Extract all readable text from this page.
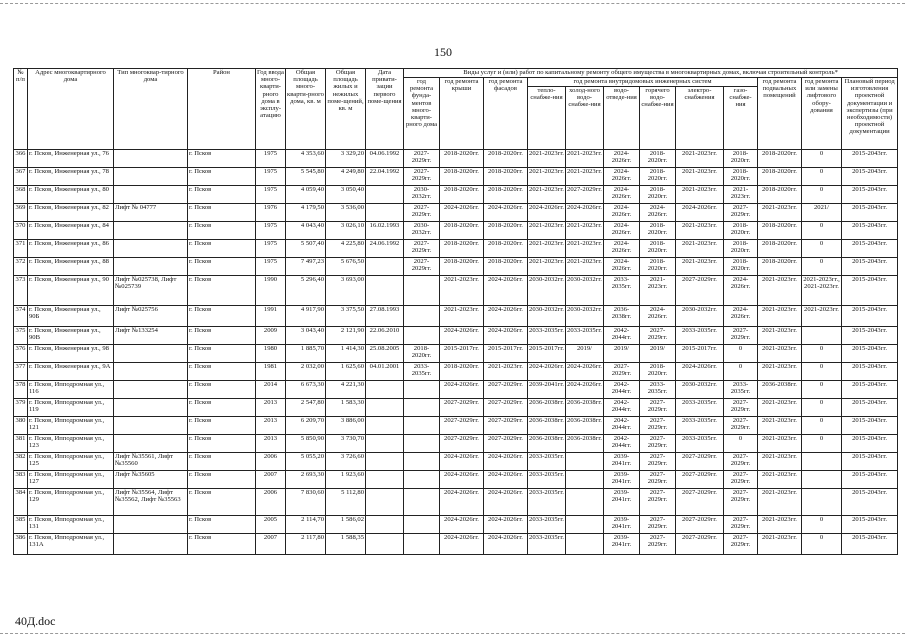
150
№ п/п	Адрес многоквартирного дома	Тип многоквар-тирного дома	Район	Год ввода много-кварти-рного дома в эксплу-атацию	Общая площадь много-кварти-рного дома, кв. м	Общая площадь жилых и нежилых поме-щений, кв. м	Дата привати-зации первого поме-щения	Виды услуг и (или) работ по капитальному ремонту общего имущества в многоквартирных домах, включая строительный контроль*											
								год ремонта фунда-ментов много-кварти-рного дома	год ремонта крыши	год ремонта фасадов	год ремонта внутридомовых инженерных систем						год ремонта подвальных помещений	год ремонта или замены лифтового обору-дования	Плановый период изготовления проектной документации и экспертизы (при необходимости) проектной документации
											тепло-снабже-ния	холод-ного водо-снабже-ния	водо-отведе-ния	горячего водо-снабже-ния	электро-снабжения	газо-снабже-ния			
366	г. Псков, Инженерная ул., 76		г. Псков	1975	4 353,60	3 329,20	04.06.1992	2027-2029гг.	2018-2020гг.	2018-2020гг.	2021-2023гг.	2021-2023гг.	2024-2026гг.	2018-2020гг.	2021-2023гг.	2018-2020гг.	2018-2020гг.	0	2015-2043гг.
367	г. Псков, Инженерная ул., 78		г. Псков	1975	5 545,80	4 249,80	22.04.1992	2027-2029гг.	2018-2020гг.	2018-2020гг.	2021-2023гг.	2021-2023гг.	2024-2026гг.	2018-2020гг.	2021-2023гг.	2018-2020гг.	2018-2020гг.	0	2015-2043гг.
368	г. Псков, Инженерная ул., 80		г. Псков	1975	4 059,40	3 050,40		2030-2032гг.	2018-2020гг.	2018-2020гг.	2021-2023гг.	2027-2029гг.	2024-2026гг.	2018-2020гг.	2021-2023гг.	2021-2023гг.	2018-2020гг.	0	2015-2043гг.
369	г. Псков, Инженерная ул., 82	Лифт № 04777	г. Псков	1976	4 179,50	3 536,00		2027-2029гг.	2024-2026гг.	2024-2026гг.	2024-2026гг.	2024-2026гг.	2024-2026гг.	2024-2026гг.	2024-2026гг.	2027-2029гг.	2021-2023гг.	2021/	2015-2043гг.
370	г. Псков, Инженерная ул., 84		г. Псков	1975	4 043,40	3 026,10	16.02.1993	2030-2032гг.	2018-2020гг.	2018-2020гг.	2021-2023гг.	2021-2023гг.	2024-2026гг.	2018-2020гг.	2021-2023гг.	2018-2020гг.	2018-2020гг.	0	2015-2043гг.
371	г. Псков, Инженерная ул., 86		г. Псков	1975	5 507,40	4 225,80	24.06.1992	2027-2029гг.	2018-2020гг.	2018-2020гг.	2021-2023гг.	2021-2023гг.	2024-2026гг.	2018-2020гг.	2021-2023гг.	2018-2020гг.	2018-2020гг.	0	2015-2043гг.
372	г. Псков, Инженерная ул., 88		г. Псков	1975	7 497,23	5 676,50		2027-2029гг.	2018-2020гг.	2018-2020гг.	2021-2023гг.	2021-2023гг.	2024-2026гг.	2018-2020гг.	2021-2023гг.	2018-2020гг.	2018-2020гг.	0	2015-2043гг.
373	г. Псков, Инженерная ул., 90	Лифт №025738, Лифт №025739	г. Псков	1990	5 296,40	3 693,00			2021-2023гг.	2024-2026гг.	2030-2032гг.	2030-2032гг.	2033-2035гг.	2021-2023гг.	2027-2029гг.	2024-2026гг.	2021-2023гг.	2021-2023гг., 2021-2023гг.	2015-2043гг.
374	г. Псков, Инженерная ул., 90Б	Лифт №025756	г. Псков	1991	4 917,90	3 375,50	27.08.1993		2021-2023гг.	2024-2026гг.	2030-2032гг.	2030-2032гг.	2036-2038гг.	2024-2026гг.	2030-2032гг.	2024-2026гг.	2021-2023гг.	2021-2023гг.	2015-2043гг.
375	г. Псков, Инженерная ул., 90В	Лифт №133254	г. Псков	2009	3 043,40	2 121,90	22.06.2010		2024-2026гг.	2024-2026гг.	2033-2035гг.	2033-2035гг.	2042-2044гг.	2027-2029гг.	2033-2035гг.	2027-2029гг.	2021-2023гг.		2015-2043гг.
376	г. Псков, Инженерная ул., 98		г. Псков	1980	1 885,70	1 414,30	25.08.2005	2018-2020гг.	2015-2017гг.	2015-2017гг.	2015-2017гг.	2019/	2019/	2019/	2015-2017гг.	0	2021-2023гг.	0	2015-2043гг.
377	г. Псков, Инженерная ул., 9А		г. Псков	1981	2 032,00	1 625,60	04.01.2001	2033-2035гг.	2018-2020гг.	2021-2023гг.	2024-2026гг.	2024-2026гг.	2027-2029гг.	2018-2020гг.	2024-2026гг.	0	2021-2023гг.	0	2015-2043гг.
378	г. Псков, Ипподромная ул., 116		г. Псков	2014	6 673,30	4 221,30			2024-2026гг.	2027-2029гг.	2039-2041гг.	2024-2026гг.	2042-2044гг.	2033-2035гг.	2030-2032гг.	2033-2035гг.	2036-2038гг.	0	2015-2043гг.
379	г. Псков, Ипподромная ул., 119		г. Псков	2013	2 547,80	1 583,30			2027-2029гг.	2027-2029гг.	2036-2038гг.	2036-2038гг.	2042-2044гг.	2027-2029гг.	2033-2035гг.	2027-2029гг.	2021-2023гг.	0	2015-2043гг.
380	г. Псков, Ипподромная ул., 121		г. Псков	2013	6 209,70	3 886,00			2027-2029гг.	2027-2029гг.	2036-2038гг.	2036-2038гг.	2042-2044гг.	2027-2029гг.	2033-2035гг.	2027-2029гг.	2021-2023гг.	0	2015-2043гг.
381	г. Псков, Ипподромная ул., 123		г. Псков	2013	5 850,90	3 730,70			2027-2029гг.	2027-2029гг.	2036-2038гг.	2036-2038гг.	2042-2044гг.	2027-2029гг.	2033-2035гг.	0	2021-2023гг.	0	2015-2043гг.
382	г. Псков, Ипподромная ул., 125	Лифт №35561, Лифт №35560	г. Псков	2006	5 055,20	3 726,60			2024-2026гг.	2024-2026гг.	2033-2035гг.		2039-2041гг.	2027-2029гг.	2027-2029гг.	2027-2029гг.	2021-2023гг.		2015-2043гг.
383	г. Псков, Ипподромная ул., 127	Лифт №35605	г. Псков	2007	2 693,30	1 923,60			2024-2026гг.	2024-2026гг.	2033-2035гг.		2039-2041гг.	2027-2029гг.	2027-2029гг.	2027-2029гг.	2021-2023гг.		2015-2043гг.
384	г. Псков, Ипподромная ул., 129	Лифт №35564, Лифт №35562, Лифт №35563	г. Псков	2006	7 830,60	5 112,80			2024-2026гг.	2024-2026гг.	2033-2035гг.		2039-2041гг.	2027-2029гг.	2027-2029гг.	2027-2029гг.	2021-2023гг.		2015-2043гг.
385	г. Псков, Ипподромная ул., 131		г. Псков	2005	2 114,70	1 586,02			2024-2026гг.	2024-2026гг.	2033-2035гг.		2039-2041гг.	2027-2029гг.	2027-2029гг.	2027-2029гг.	2021-2023гг.	0	2015-2043гг.
386	г. Псков, Ипподромная ул., 131А		г. Псков	2007	2 117,80	1 588,35			2024-2026гг.	2024-2026гг.	2033-2035гг.		2039-2041гг.	2027-2029гг.	2027-2029гг.	2027-2029гг.	2021-2023гг.	0	2015-2043гг.
40Д.doc
